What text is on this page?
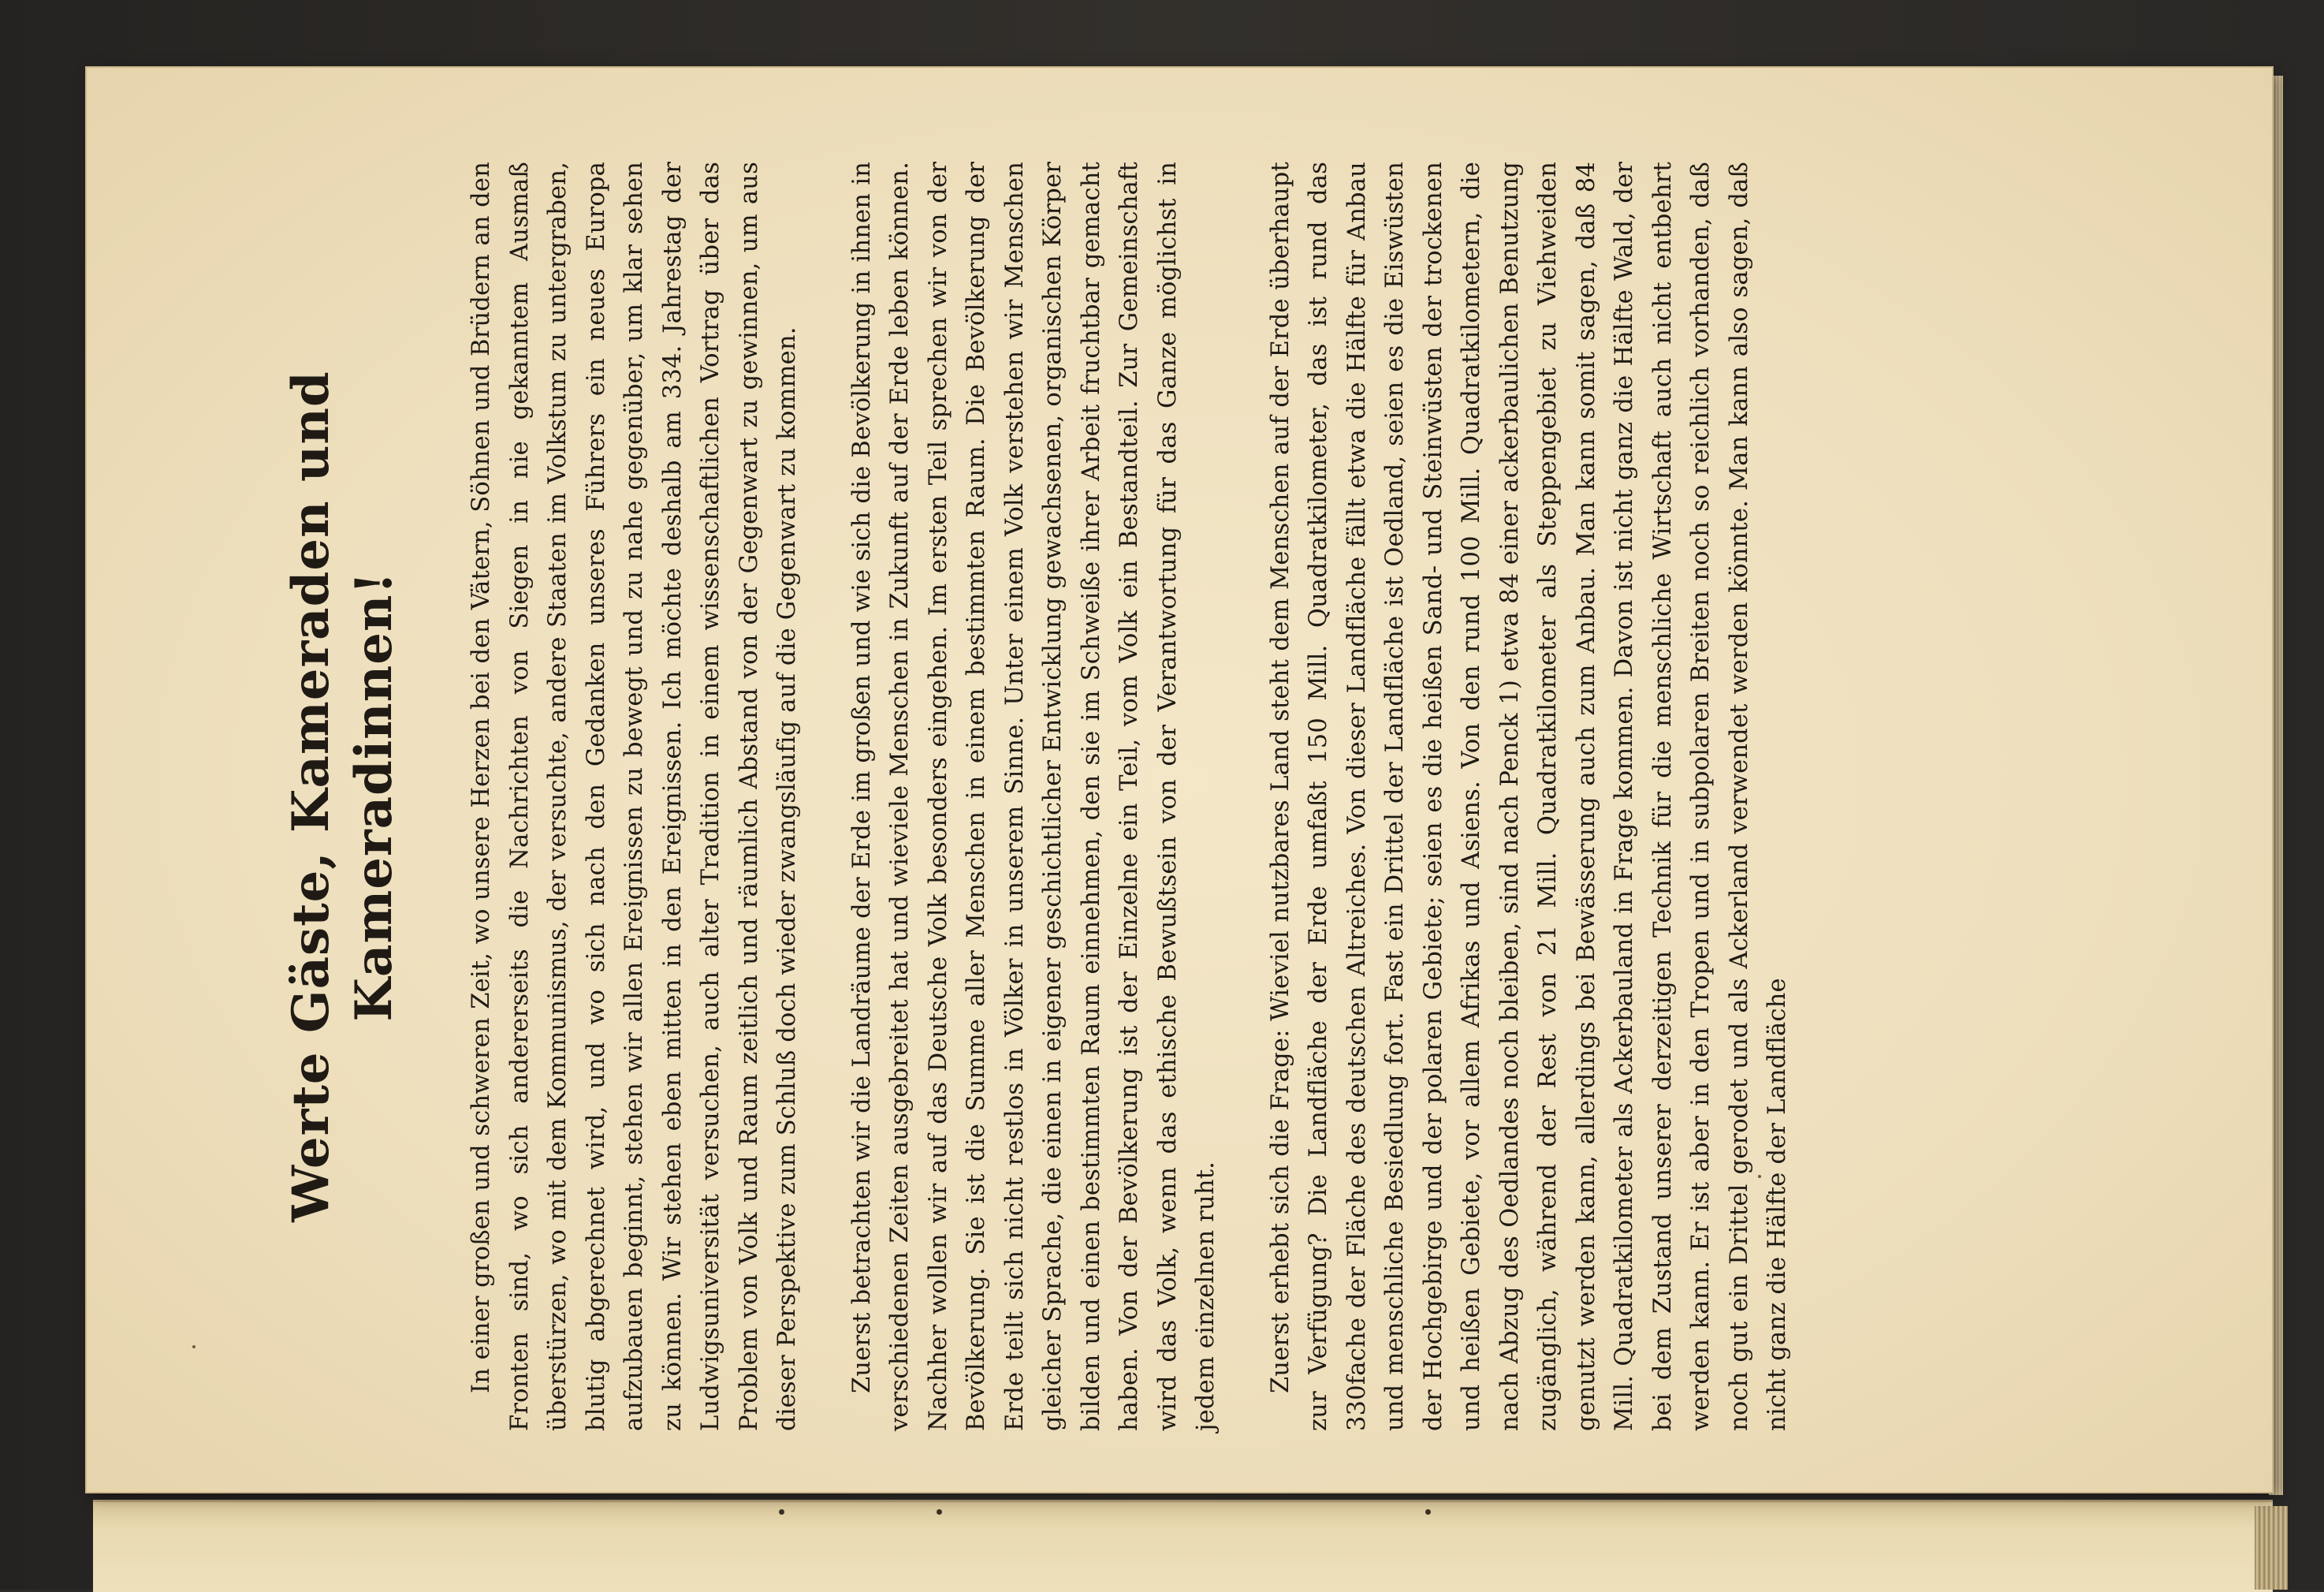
Werte Gäste, Kameraden und Kameradinnen!	In einer großen und schweren Zeit, wo unsere Herzen bei den Vätern, Söhnen und Brüdern an den Fronten sind, wo sich andererseits die Nachrichten von Siegen in nie gekanntem Ausmaß überstürzen, wo mit dem Kommunismus, der versuchte, andere Staaten im Volkstum zu untergraben, blutig abgerechnet wird, und wo sich nach den Gedanken unseres Führers ein neues Europa aufzubauen beginnt, stehen wir allen Ereignissen zu bewegt und zu nahe gegenüber, um klar sehen zu können. Wir stehen eben mitten in den Ereignissen. Ich möchte deshalb am 334. Jahrestag der Ludwigsuniversität versuchen, auch alter Tradition in einem wissenschaftlichen Vortrag über das Problem von Volk und Raum zeitlich und räumlich Abstand von der Gegenwart zu gewinnen, um aus dieser Perspektive zum Schluß doch wieder zwangsläufig auf die Gegenwart zu kommen. Zuerst betrachten wir die Landräume der Erde im großen und wie sich die Bevölkerung in ihnen in verschiedenen Zeiten ausgebreitet hat und wieviele Menschen in Zukunft auf der Erde leben können. Nachher wollen wir auf das Deutsche Volk besonders eingehen. Im ersten Teil sprechen wir von der Bevölkerung. Sie ist die Summe aller Menschen in einem bestimmten Raum. Die Bevölkerung der Erde teilt sich nicht restlos in Völker in unserem Sinne. Unter einem Volk verstehen wir Menschen gleicher Sprache, die einen in eigener geschichtlicher Entwicklung gewachsenen, organischen Körper bilden und einen bestimmten Raum einnehmen, den sie im Schweiße ihrer Arbeit fruchtbar gemacht haben. Von der Bevölkerung ist der Einzelne ein Teil, vom Volk ein Bestandteil. Zur Gemeinschaft wird das Volk, wenn das ethische Bewußtsein von der Verantwortung für das Ganze möglichst in jedem einzelnen ruht. Zuerst erhebt sich die Frage: Wieviel nutzbares Land steht dem Menschen auf der Erde überhaupt zur Verfügung? Die Landfläche der Erde umfaßt 150 Mill. Quadratkilometer, das ist rund das 330fache der Fläche des deutschen Altreiches. Von dieser Landfläche fällt etwa die Hälfte für Anbau und menschliche Besiedlung fort. Fast ein Drittel der Landfläche ist Oedland, seien es die Eiswüsten der Hochgebirge und der polaren Gebiete; seien es die heißen Sand- und Steinwüsten der trockenen und heißen Gebiete, vor allem Afrikas und Asiens. Von den rund 100 Mill. Quadratkilometern, die nach Abzug des Oedlandes noch bleiben, sind nach Penck 1) etwa 84 einer ackerbaulichen Benutzung zugänglich, während der Rest von 21 Mill. Quadratkilometer als Steppengebiet zu Viehweiden genutzt werden kann, allerdings bei Bewässerung auch zum Anbau. Man kann somit sagen, daß 84 Mill. Quadratkilometer als Ackerbauland in Frage kommen. Davon ist nicht ganz die Hälfte Wald, der bei dem Zustand unserer derzeitigen Technik für die menschliche Wirtschaft auch nicht entbehrt werden kann. Er ist aber in den Tropen und in subpolaren Breiten noch so reichlich vorhanden, daß noch gut ein Drittel gerodet und als Ackerland verwendet werden könnte. Man kann also sagen, daß nicht ganz die Hälfte der Landfläche
